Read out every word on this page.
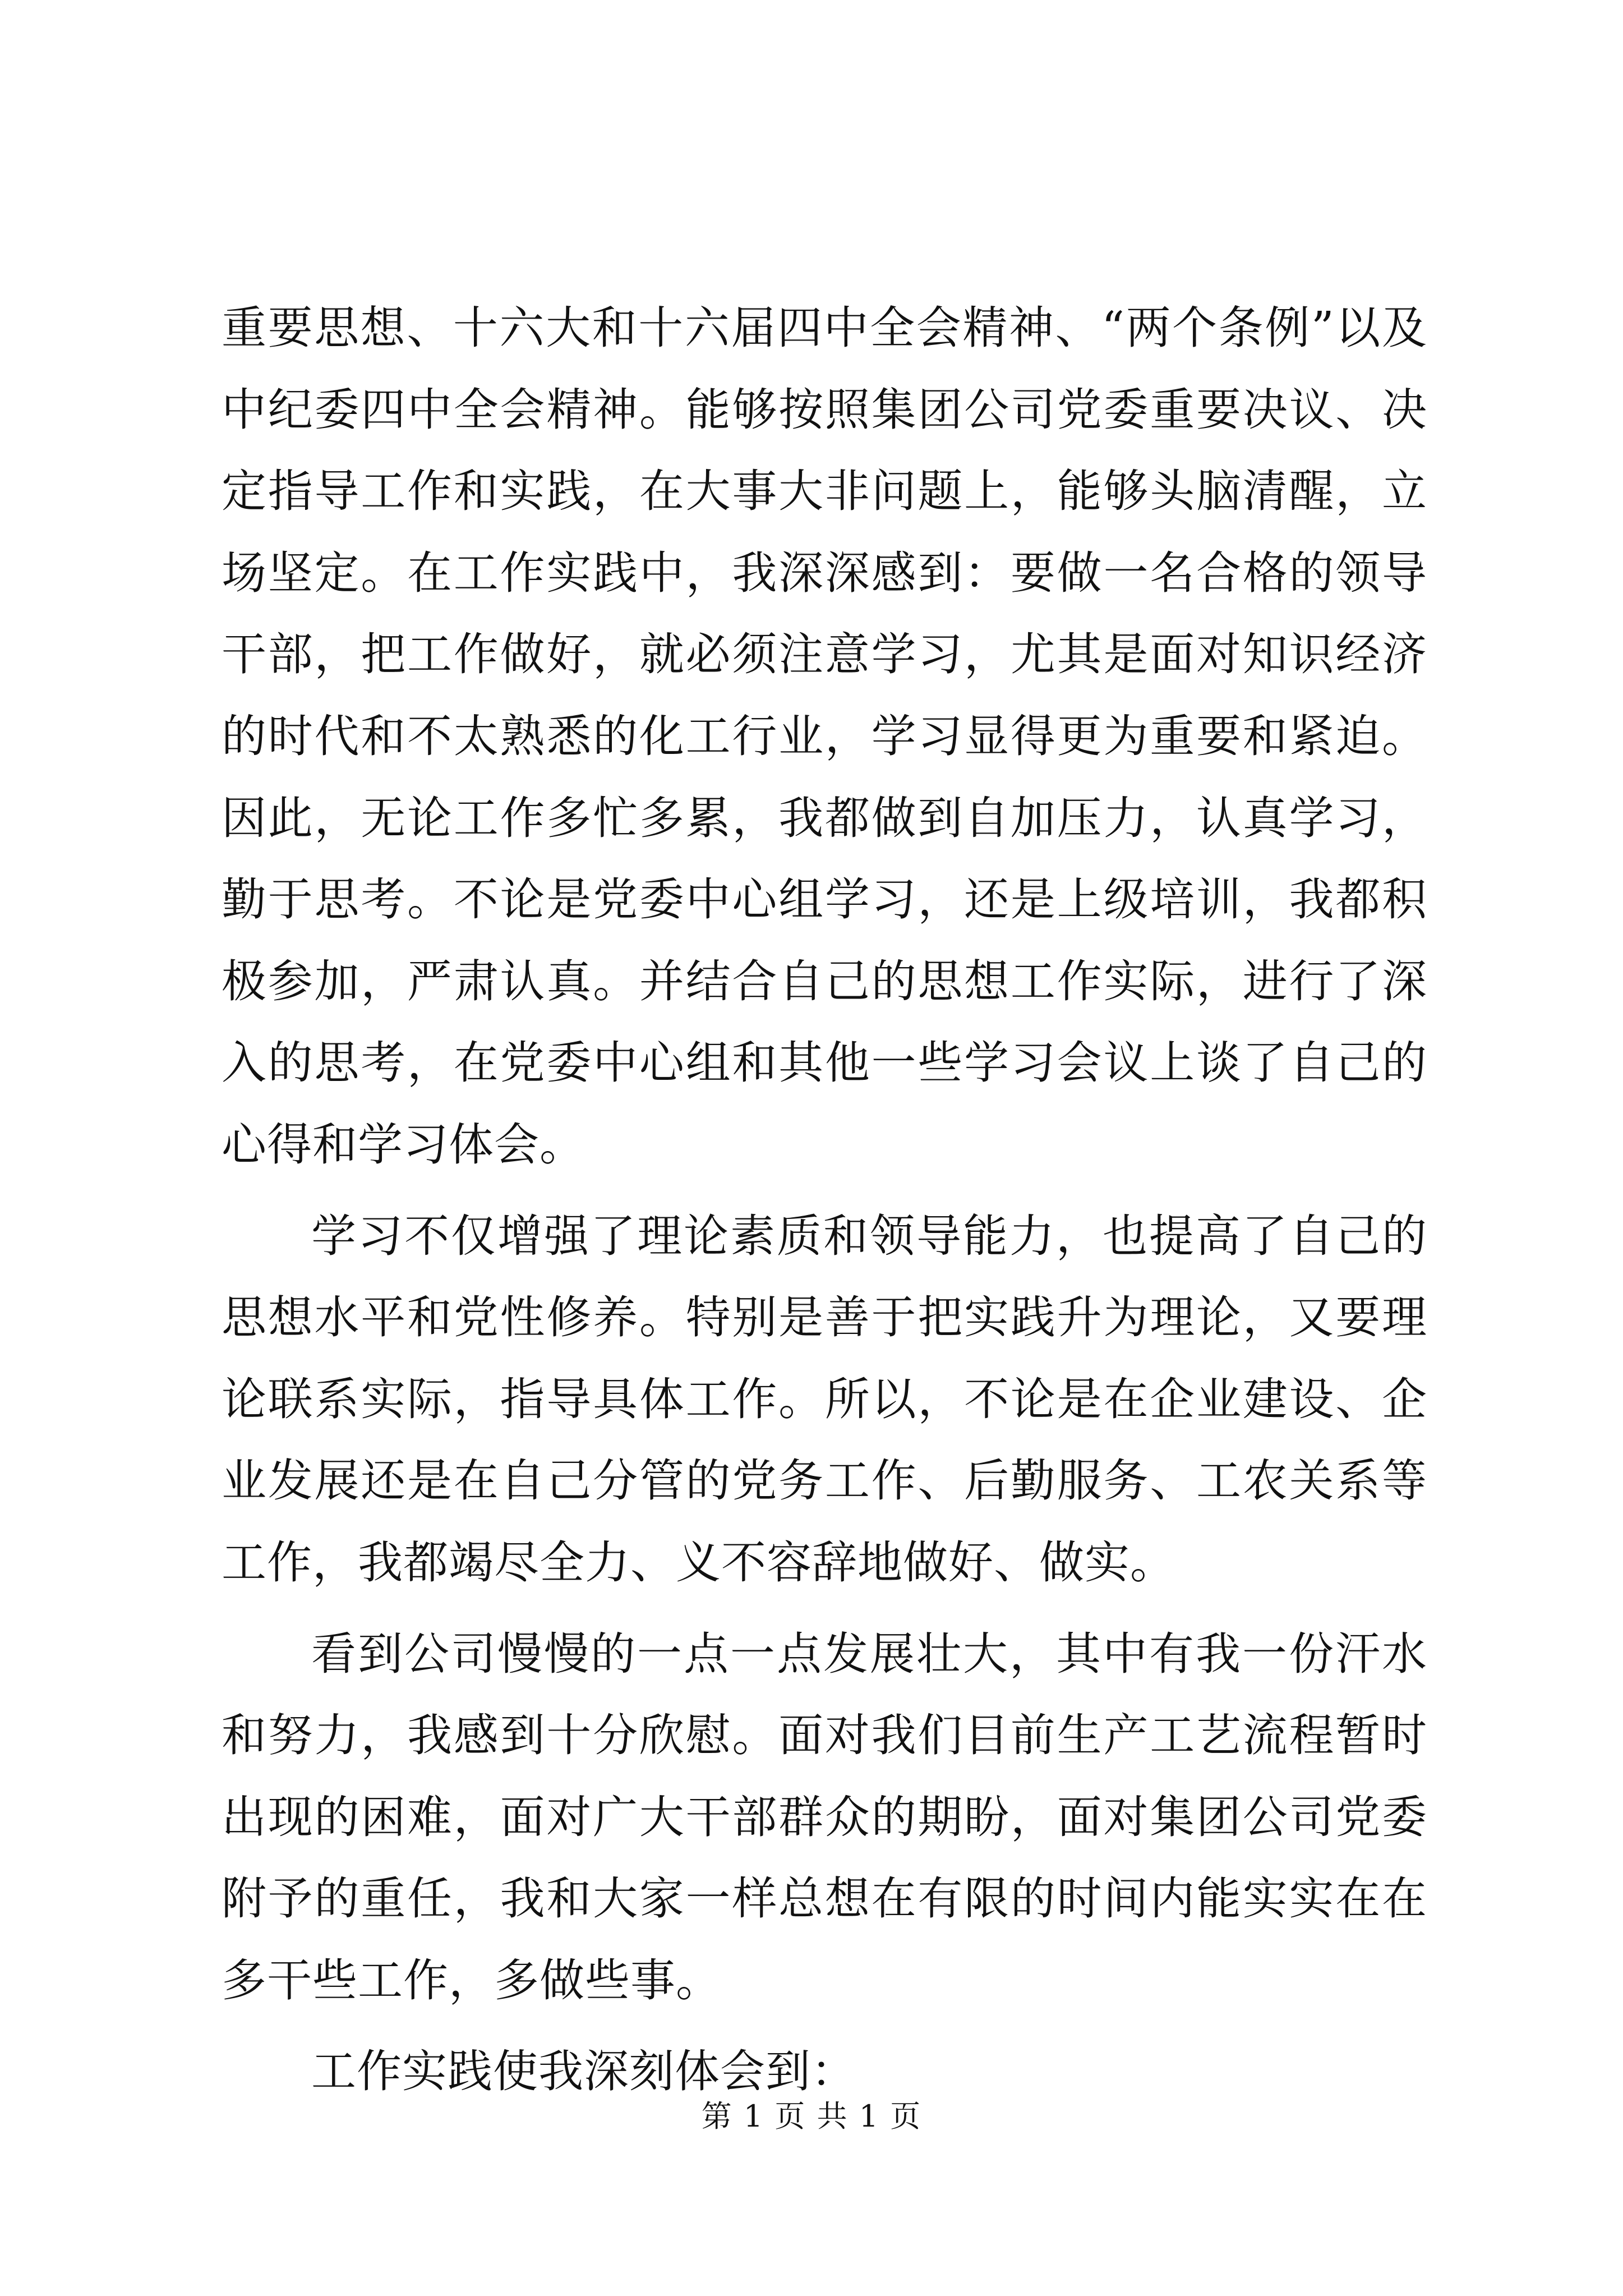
重要思想、十六大和十六届四中全会精神、“两个条例”以及中纪委四中全会精神。能够按照集团公司党委重要决议、决定指导工作和实践，在大事大非问题上，能够头脑清醒，立场坚定。在工作实践中，我深深感到：要做一名合格的领导干部，把工作做好，就必须注意学习，尤其是面对知识经济的时代和不太熟悉的化工行业，学习显得更为重要和紧迫。因此，无论工作多忙多累，我都做到自加压力，认真学习，勤于思考。不论是党委中心组学习，还是上级培训，我都积极参加，严肃认真。并结合自己的思想工作实际，进行了深入的思考，在党委中心组和其他一些学习会议上谈了自己的心得和学习体会。

学习不仅增强了理论素质和领导能力，也提高了自己的思想水平和党性修养。特别是善于把实践升为理论，又要理论联系实际，指导具体工作。所以，不论是在企业建设、企业发展还是在自己分管的党务工作、后勤服务、工农关系等工作，我都竭尽全力、义不容辞地做好、做实。

看到公司慢慢的一点一点发展壮大，其中有我一份汗水和努力，我感到十分欣慰。面对我们目前生产工艺流程暂时出现的困难，面对广大干部群众的期盼，面对集团公司党委附予的重任，我和大家一样总想在有限的时间内能实实在在多干些工作，多做些事。

工作实践使我深刻体会到：

第 1 页 共 1 页
